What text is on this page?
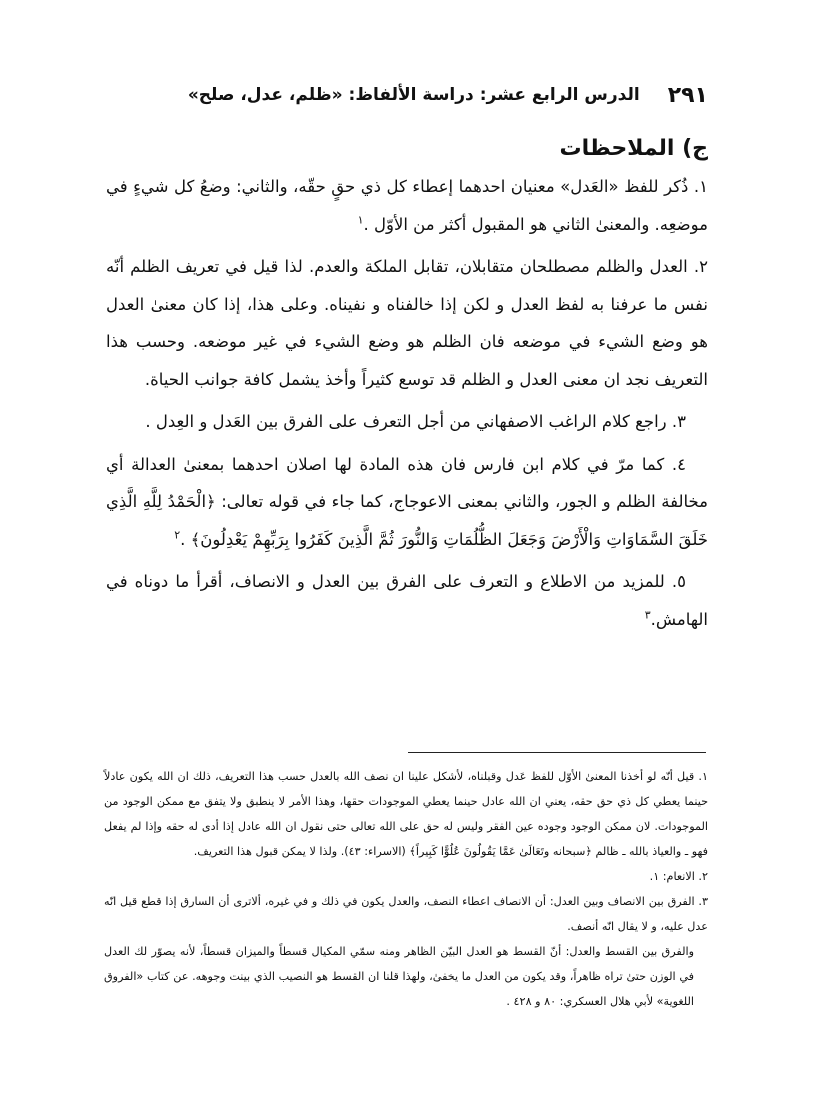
٢٩١
الدرس الرابع عشر: دراسة الألفاظ: «ظلم، عدل، صلح»
ج) الملاحظات

١. ذُكر للفظ «العَدل» معنيان احدهما إعطاء كل ذي حقٍ حقّه، والثاني: وضعُ كل شيءٍ في موضعِه. والمعنىٰ الثاني هو المقبول أكثر من الأوّل .$^١$

٢. العدل والظلم مصطلحان متقابلان، تقابل الملكة والعدم. لذا قيل في تعريف الظلم أنّه نفس ما عرفنا به لفظ العدل و لكن إذا خالفناه و نفيناه. وعلى هذا، إذا كان معنىٰ العدل هو وضع الشيء في موضعه فان الظلم هو وضع الشيء في غير موضعه. وحسب هذا التعريف نجد ان معنى العدل و الظلم قد توسع كثيراً وأخذ يشمل كافة جوانب الحياة.

٣. راجع كلام الراغب الاصفهاني من أجل التعرف على الفرق بين العَدل و العِدل .

٤. كما مرّ في كلام ابن فارس فان هذه المادة لها اصلان احدهما بمعنىٰ العدالة أي مخالفة الظلم و الجور، والثاني بمعنى الاعوجاج، كما جاء في قوله تعالى: ﴿الْحَمْدُ لِلَّهِ الَّذِي خَلَقَ السَّمَاوَاتِ وَالْأَرْضَ وَجَعَلَ الظُّلُمَاتِ وَالنُّورَ ثُمَّ الَّذِينَ كَفَرُوا بِرَبِّهِمْ يَعْدِلُونَ﴾ .$^٢$

٥. للمزيد من الاطلاع و التعرف على الفرق بين العدل و الانصاف، أقرأ ما دوناه في الهامش.$^٣$

١. قيل أنّه لو أخذنا المعنىٰ الأوّل للفظ عَدل وقبلناه، لأشكل علينا ان نصف الله بالعدل حسب هذا التعريف، ذلك ان الله يكون عادلاً حينما يعطي كل ذي حق حقه، يعني ان الله عادل حينما يعطي الموجودات حقها، وهذا الأمر لا ينطبق ولا يتفق مع ممكن الوجود من الموجودات. لان ممكن الوجود وجوده عين الفقر وليس له حق على الله تعالى حتى نقول ان الله عادل إذا أدى له حقه وإذا لم يفعل فهو ـ والعياذ بالله ـ ظالم ﴿سبحانه وتَعَالَىٰ عَمَّا يَقُولُونَ عُلُوًّا كَبِيراً﴾ (الاسراء: ٤٣). ولذا لا يمكن قبول هذا التعريف.

٢. الانعام: ١.

٣. الفرق بين الانصاف وبين العدل: أن الانصاف اعطاء النصف، والعدل يكون في ذلك و في غيره، ألاترى أن السارق إذا قطع قيل انّه عدل عليه، و لا يقال انّه أنصف.

والفرق بين القسط والعدل: أنّ القسط هو العدل البيّن الظاهر ومنه سمّي المكيال قسطاً والميزان قسطاً، لأنه يصوّر لك العدل في الوزن حتىٰ تراه ظاهراً، وقد يكون من العدل ما يخفىٰ، ولهذا قلنا ان القسط هو النصيب الذي بينت وجوهه. عن كتاب «الفروق اللغوية» لأبي هلال العسكري: ٨٠ و ٤٢٨ .
